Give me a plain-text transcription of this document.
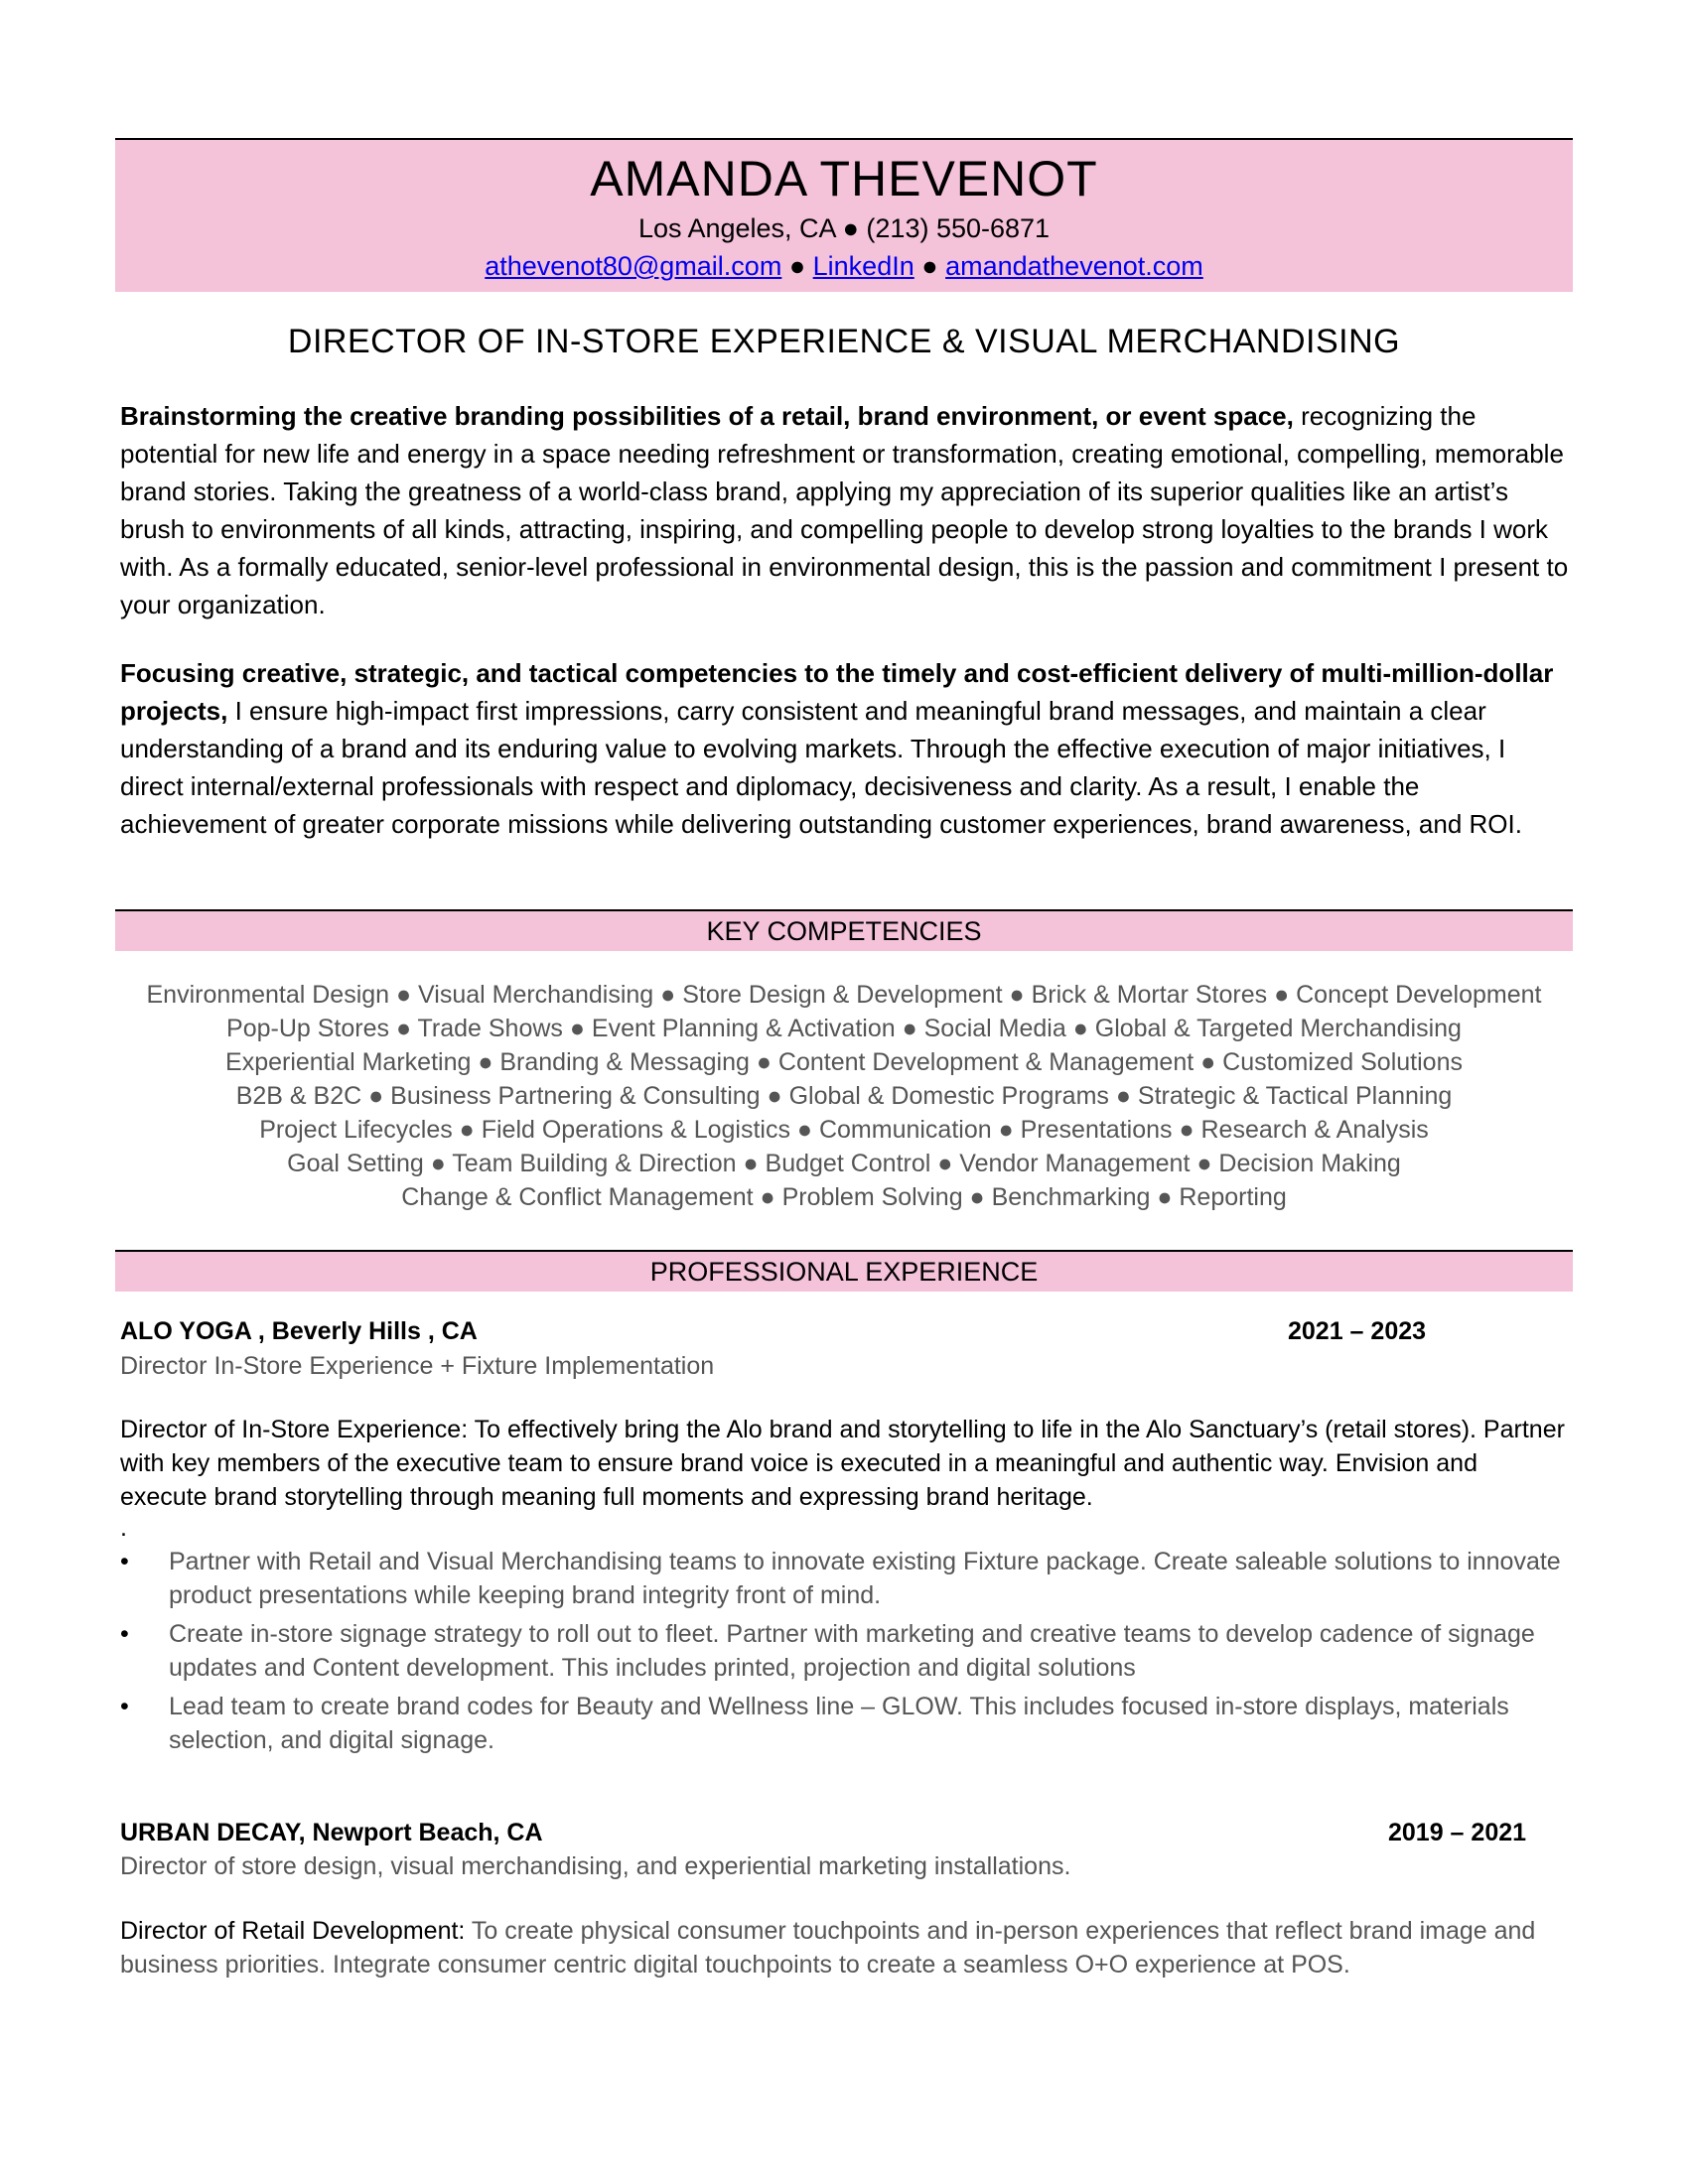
AMANDA THEVENOT
Los Angeles, CA ● (213) 550-6871
athevenot80@gmail.com ● LinkedIn ● amandathevenot.com
DIRECTOR OF IN-STORE EXPERIENCE & VISUAL MERCHANDISING

Brainstorming the creative branding possibilities of a retail, brand environment, or event space, recognizing the potential for new life and energy in a space needing refreshment or transformation, creating emotional, compelling, memorable brand stories. Taking the greatness of a world-class brand, applying my appreciation of its superior qualities like an artist’s brush to environments of all kinds, attracting, inspiring, and compelling people to develop strong loyalties to the brands I work with. As a formally educated, senior-level professional in environmental design, this is the passion and commitment I present to your organization.

Focusing creative, strategic, and tactical competencies to the timely and cost-efficient delivery of multi-million-dollar projects, I ensure high-impact first impressions, carry consistent and meaningful brand messages, and maintain a clear understanding of a brand and its enduring value to evolving markets. Through the effective execution of major initiatives, I direct internal/external professionals with respect and diplomacy, decisiveness and clarity. As a result, I enable the achievement of greater corporate missions while delivering outstanding customer experiences, brand awareness, and ROI.

KEY COMPETENCIES
Environmental Design ● Visual Merchandising ● Store Design & Development ● Brick & Mortar Stores ● Concept Development
Pop-Up Stores ● Trade Shows ● Event Planning & Activation ● Social Media ● Global & Targeted Merchandising
Experiential Marketing ● Branding & Messaging ● Content Development & Management ● Customized Solutions
B2B & B2C ● Business Partnering & Consulting ● Global & Domestic Programs ● Strategic & Tactical Planning
Project Lifecycles ● Field Operations & Logistics ● Communication ● Presentations ● Research & Analysis
Goal Setting ● Team Building & Direction ● Budget Control ● Vendor Management ● Decision Making
Change & Conflict Management ● Problem Solving ● Benchmarking ● Reporting
PROFESSIONAL EXPERIENCE
ALO YOGA , Beverly Hills , CA	2021 – 2023
Director In-Store Experience + Fixture Implementation

Director of In-Store Experience: To effectively bring the Alo brand and storytelling to life in the Alo Sanctuary’s (retail stores). Partner with key members of the executive team to ensure brand voice is executed in a meaningful and authentic way. Envision and execute brand storytelling through meaning full moments and expressing brand heritage.

.
• Partner with Retail and Visual Merchandising teams to innovate existing Fixture package. Create saleable solutions to innovate product presentations while keeping brand integrity front of mind.
• Create in-store signage strategy to roll out to fleet. Partner with marketing and creative teams to develop cadence of signage updates and Content development. This includes printed, projection and digital solutions
• Lead team to create brand codes for Beauty and Wellness line – GLOW. This includes focused in-store displays, materials selection, and digital signage.
URBAN DECAY, Newport Beach, CA	2019 – 2021
Director of store design, visual merchandising, and experiential marketing installations.

Director of Retail Development: To create physical consumer touchpoints and in-person experiences that reflect brand image and business priorities. Integrate consumer centric digital touchpoints to create a seamless O+O experience at POS.
